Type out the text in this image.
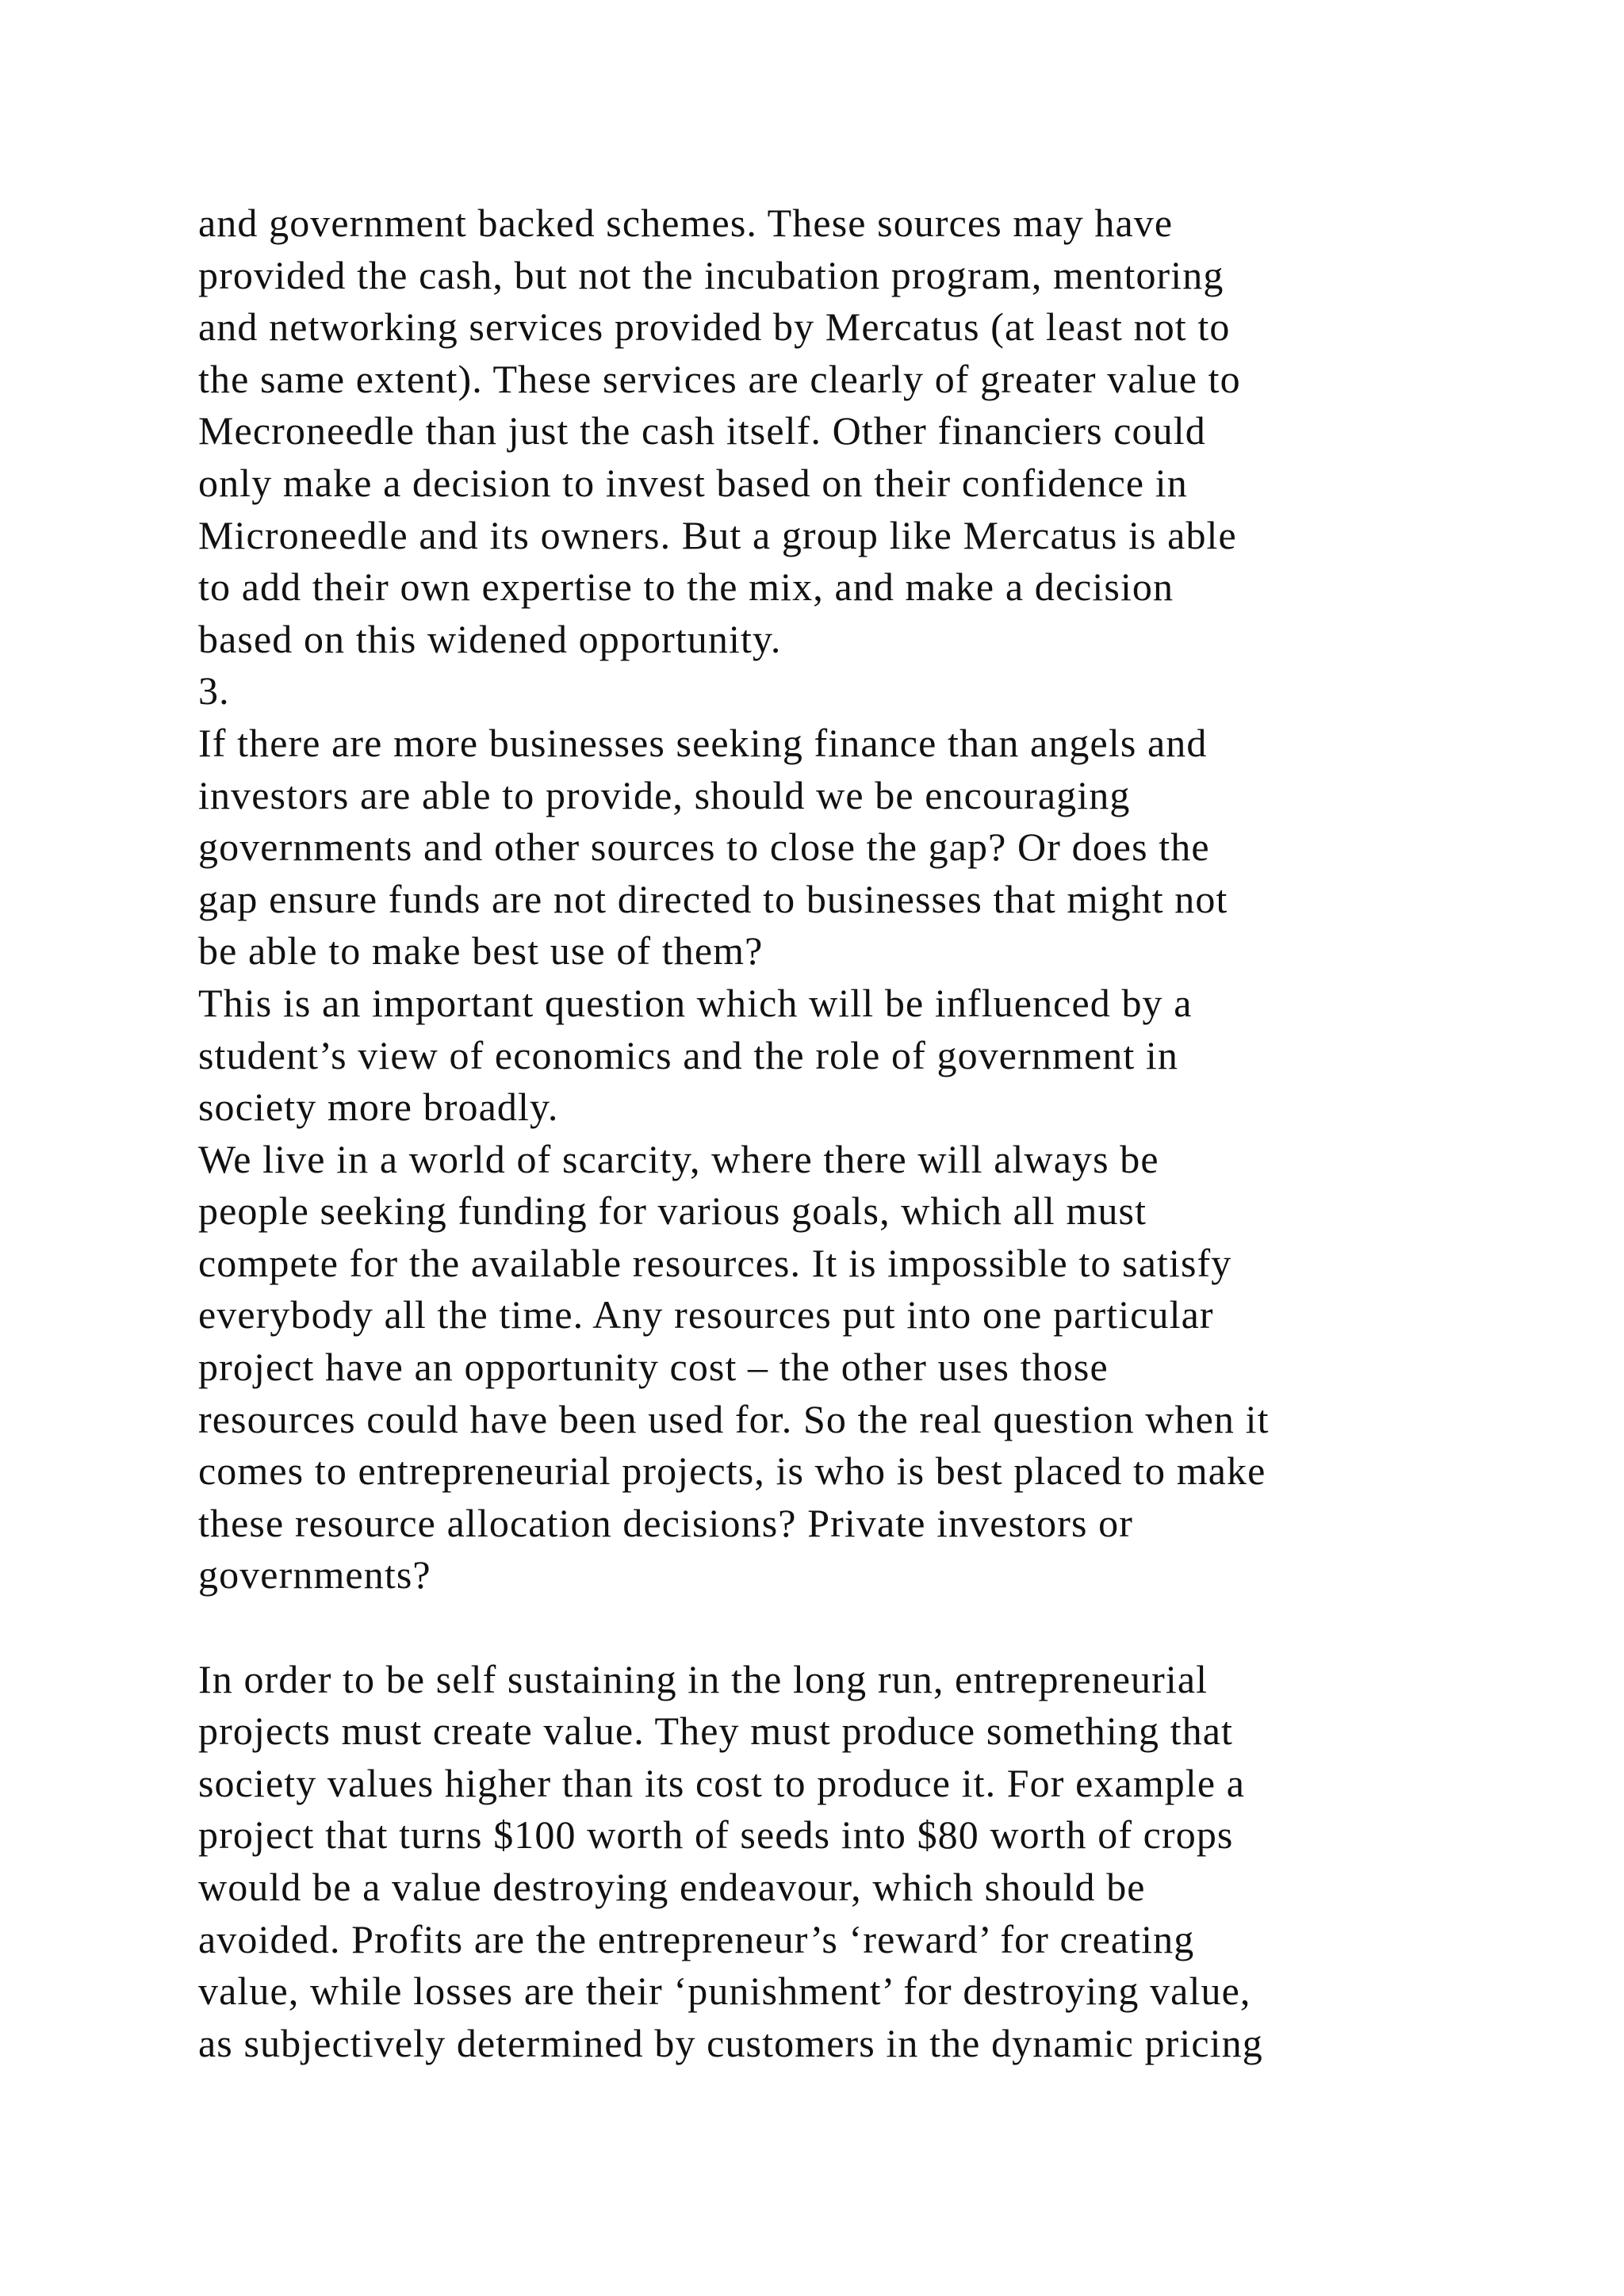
and government backed schemes. These sources may have
provided the cash, but not the incubation program, mentoring
and networking services provided by Mercatus (at least not to
the same extent). These services are clearly of greater value to
Mecroneedle than just the cash itself. Other financiers could
only make a decision to invest based on their confidence in
Microneedle and its owners. But a group like Mercatus is able
to add their own expertise to the mix, and make a decision
based on this widened opportunity.
3.
If there are more businesses seeking finance than angels and
investors are able to provide, should we be encouraging
governments and other sources to close the gap? Or does the
gap ensure funds are not directed to businesses that might not
be able to make best use of them?
This is an important question which will be influenced by a
student’s view of economics and the role of government in
society more broadly.
We live in a world of scarcity, where there will always be
people seeking funding for various goals, which all must
compete for the available resources. It is impossible to satisfy
everybody all the time. Any resources put into one particular
project have an opportunity cost – the other uses those
resources could have been used for. So the real question when it
comes to entrepreneurial projects, is who is best placed to make
these resource allocation decisions? Private investors or
governments?
In order to be self sustaining in the long run, entrepreneurial
projects must create value. They must produce something that
society values higher than its cost to produce it. For example a
project that turns $100 worth of seeds into $80 worth of crops
would be a value destroying endeavour, which should be
avoided. Profits are the entrepreneur’s ‘reward’ for creating
value, while losses are their ‘punishment’ for destroying value,
as subjectively determined by customers in the dynamic pricing
